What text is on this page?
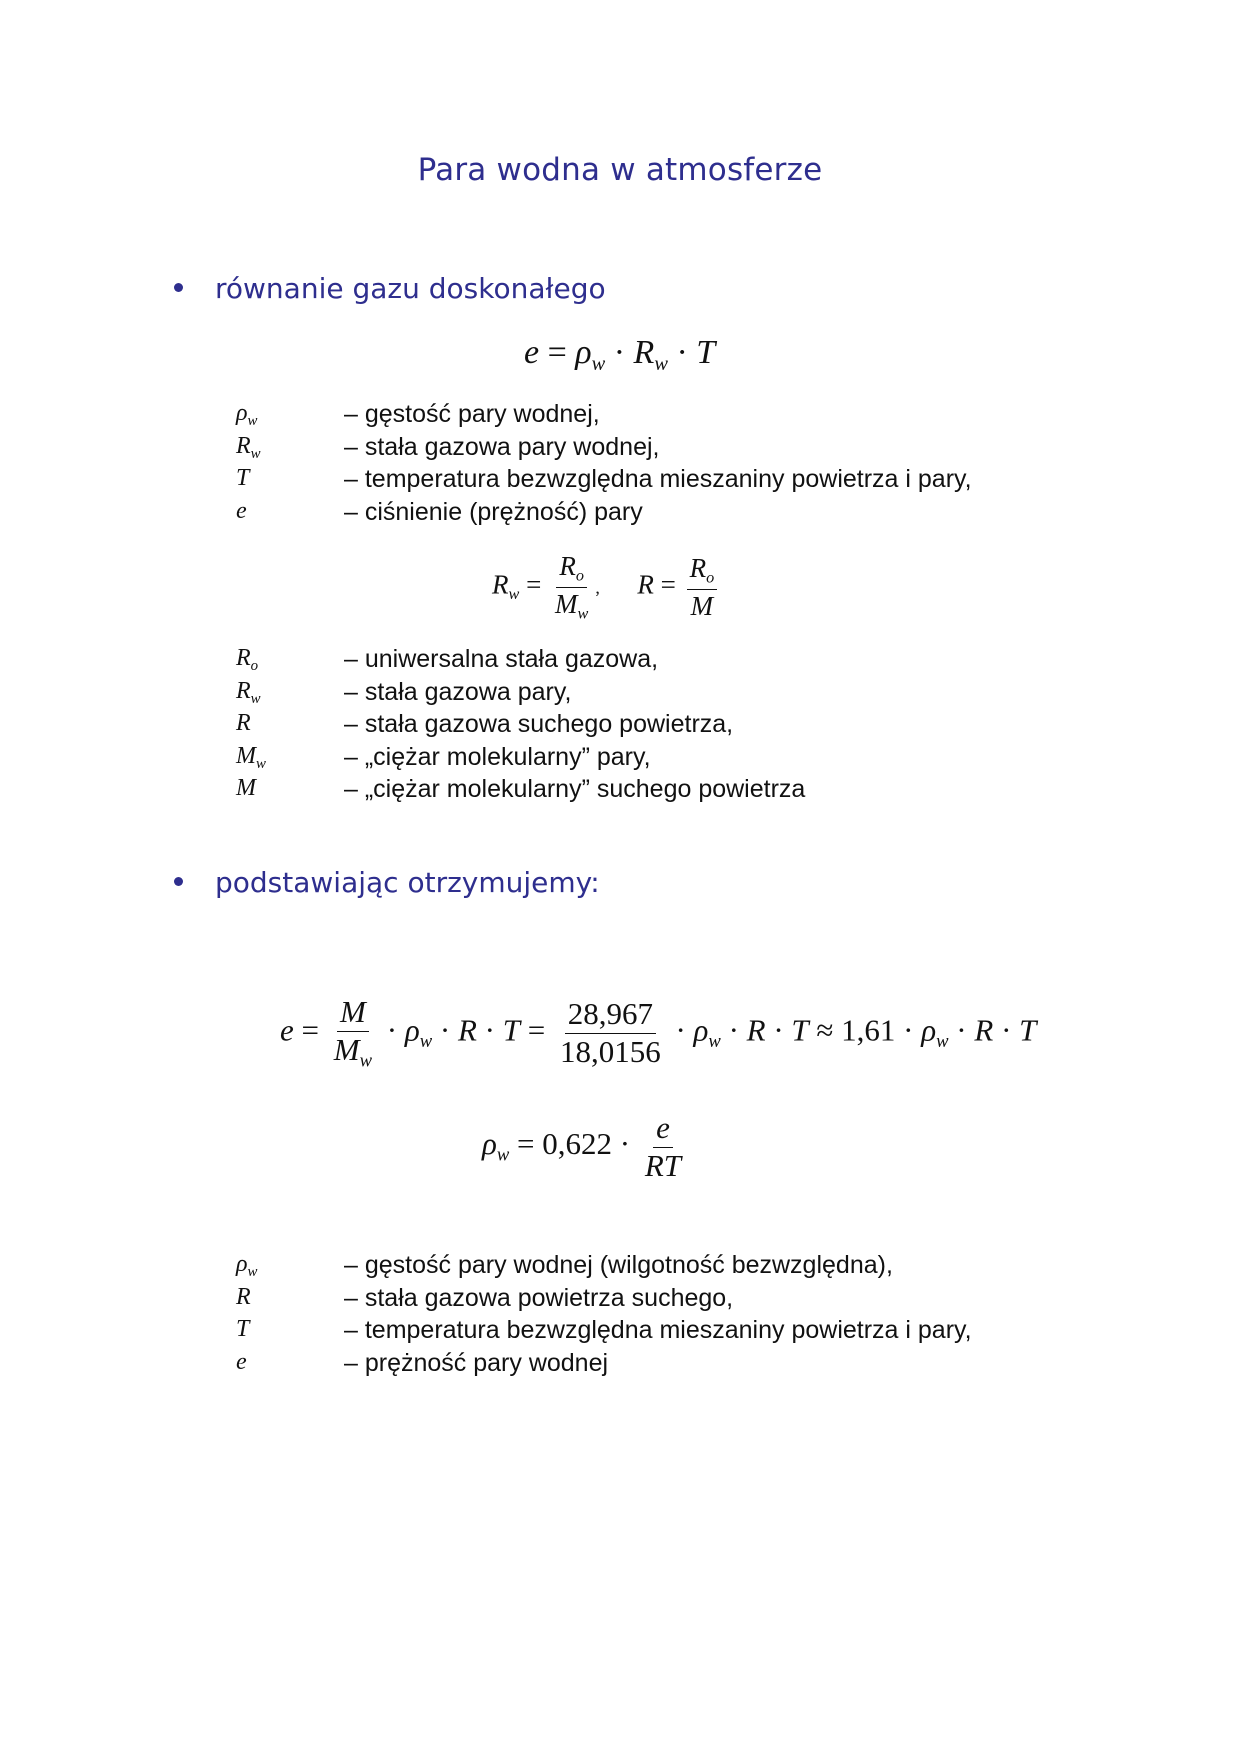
Para wodna w atmosferze
równanie gazu doskonałego
$e = \rho_w \cdot R_w \cdot T$
$\rho_w$	– gęstość pary wodnej,
$R_w$	– stała gazowa pary wodnej,
T	– temperatura bezwzględna mieszaniny powietrza i pary,
e	– ciśnienie (prężność) pary
$R_w = \frac{R_o}{M_w}$ , $R = \frac{R_o}{M}$
$R_o$	– uniwersalna stała gazowa,
$R_w$	– stała gazowa pary,
R	– stała gazowa suchego powietrza,
$M_w$	– „ciężar molekularny” pary,
M	– „ciężar molekularny” suchego powietrza
podstawiając otrzymujemy:
$e = \frac{M}{M_w} \cdot \rho_w \cdot R \cdot T = \frac{28,967}{18,0156} \cdot \rho_w \cdot R \cdot T \approx 1,61 \cdot \rho_w \cdot R \cdot T$
$\rho_w = 0,622 \cdot \frac{e}{RT}$
$\rho_w$	– gęstość pary wodnej (wilgotność bezwzględna),
R	– stała gazowa powietrza suchego,
T	– temperatura bezwzględna mieszaniny powietrza i pary,
e	– prężność pary wodnej
